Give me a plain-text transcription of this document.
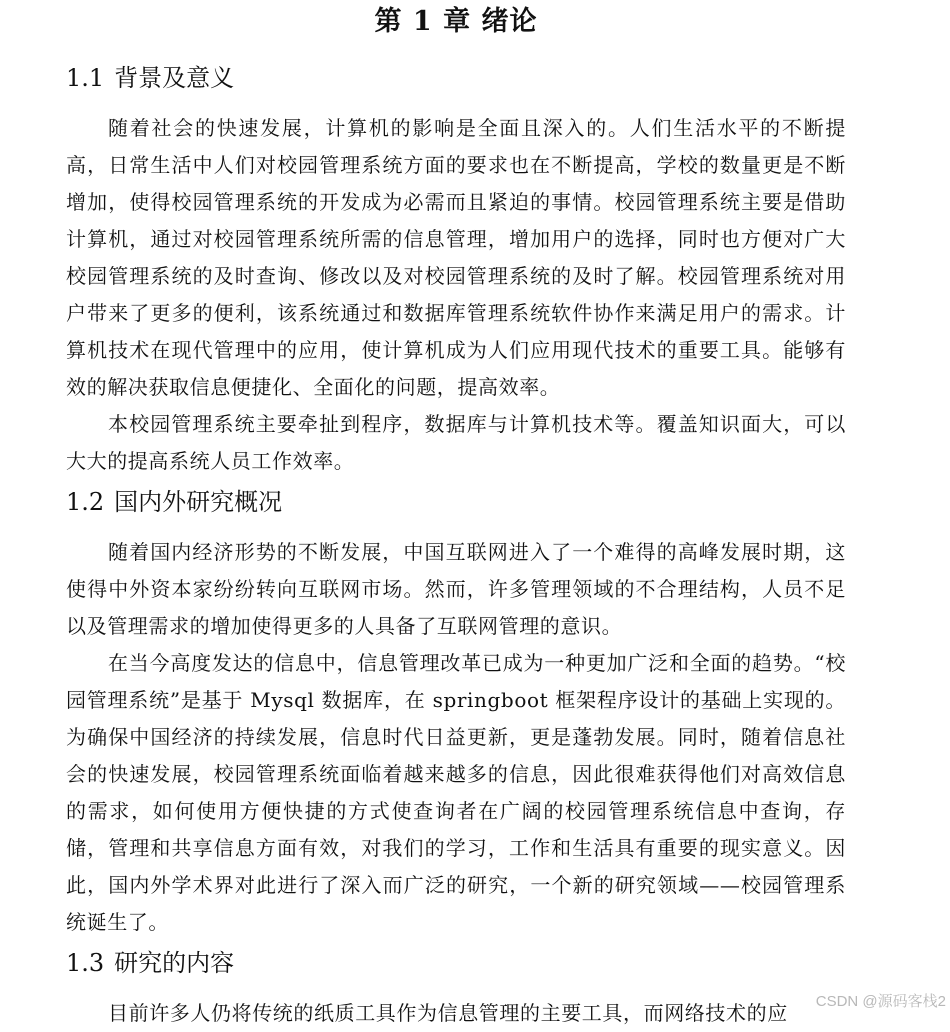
第 1 章 绪论
1.1 背景及意义

随着社会的快速发展，计算机的影响是全面且深入的。人们生活水平的不断提高，日常生活中人们对校园管理系统方面的要求也在不断提高，学校的数量更是不断增加，使得校园管理系统的开发成为必需而且紧迫的事情。校园管理系统主要是借助计算机，通过对校园管理系统所需的信息管理，增加用户的选择，同时也方便对广大校园管理系统的及时查询、修改以及对校园管理系统的及时了解。校园管理系统对用户带来了更多的便利，该系统通过和数据库管理系统软件协作来满足用户的需求。计算机技术在现代管理中的应用，使计算机成为人们应用现代技术的重要工具。能够有效的解决获取信息便捷化、全面化的问题，提高效率。

本校园管理系统主要牵扯到程序，数据库与计算机技术等。覆盖知识面大，可以大大的提高系统人员工作效率。

1.2 国内外研究概况

随着国内经济形势的不断发展，中国互联网进入了一个难得的高峰发展时期，这使得中外资本家纷纷转向互联网市场。然而，许多管理领域的不合理结构，人员不足以及管理需求的增加使得更多的人具备了互联网管理的意识。

在当今高度发达的信息中，信息管理改革已成为一种更加广泛和全面的趋势。“校园管理系统”是基于 Mysql 数据库，在 springboot 框架程序设计的基础上实现的。为确保中国经济的持续发展，信息时代日益更新，更是蓬勃发展。同时，随着信息社会的快速发展，校园管理系统面临着越来越多的信息，因此很难获得他们对高效信息的需求，如何使用方便快捷的方式使查询者在广阔的校园管理系统信息中查询，存储，管理和共享信息方面有效，对我们的学习，工作和生活具有重要的现实意义。因此，国内外学术界对此进行了深入而广泛的研究，一个新的研究领域——校园管理系统诞生了。

1.3 研究的内容

目前许多人仍将传统的纸质工具作为信息管理的主要工具，而网络技术的应	CSDN @源码客栈2
